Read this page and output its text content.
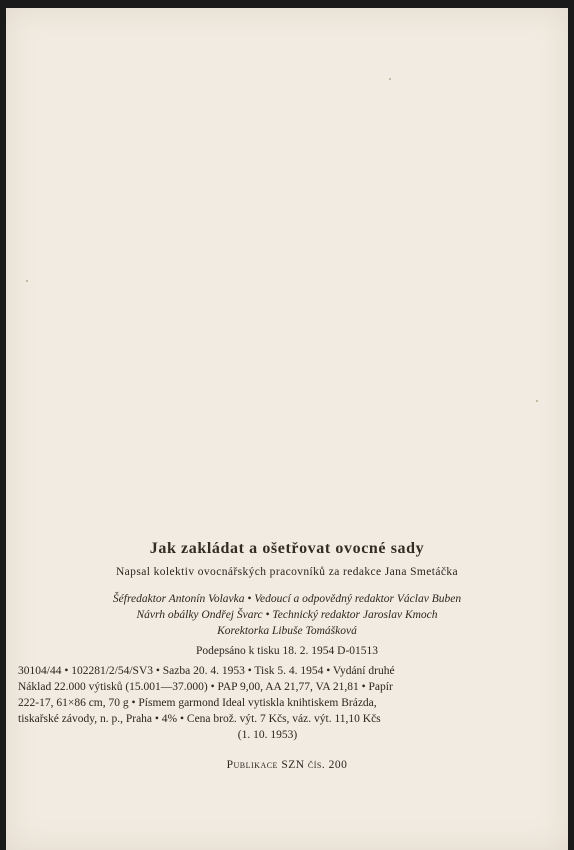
Jak zakládat a ošetřovat ovocné sady
Napsal kolektiv ovocnářských pracovníků za redakce Jana Smetáčka
Šéfredaktor Antonín Volavka • Vedoucí a odpovědný redaktor Václav Buben
Návrh obálky Ondřej Švarc • Technický redaktor Jaroslav Kmoch
Korektorka Libuše Tomášková
Podepsáno k tisku 18. 2. 1954 D-01513
30104/44 • 102281/2/54/SV3 • Sazba 20. 4. 1953 • Tisk 5. 4. 1954 • Vydání druhé
Náklad 22.000 výtisků (15.001—37.000) • PAP 9,00, AA 21,77, VA 21,81 • Papír
222-17, 61×86 cm, 70 g • Písmem garmond Ideal vytiskla knihtiskem Brázda,
tiskařské závody, n. p., Praha • 4% • Cena brož. výt. 7 Kčs, váz. výt. 11,10 Kčs
(1. 10. 1953)
Publikace SZN čís. 200
